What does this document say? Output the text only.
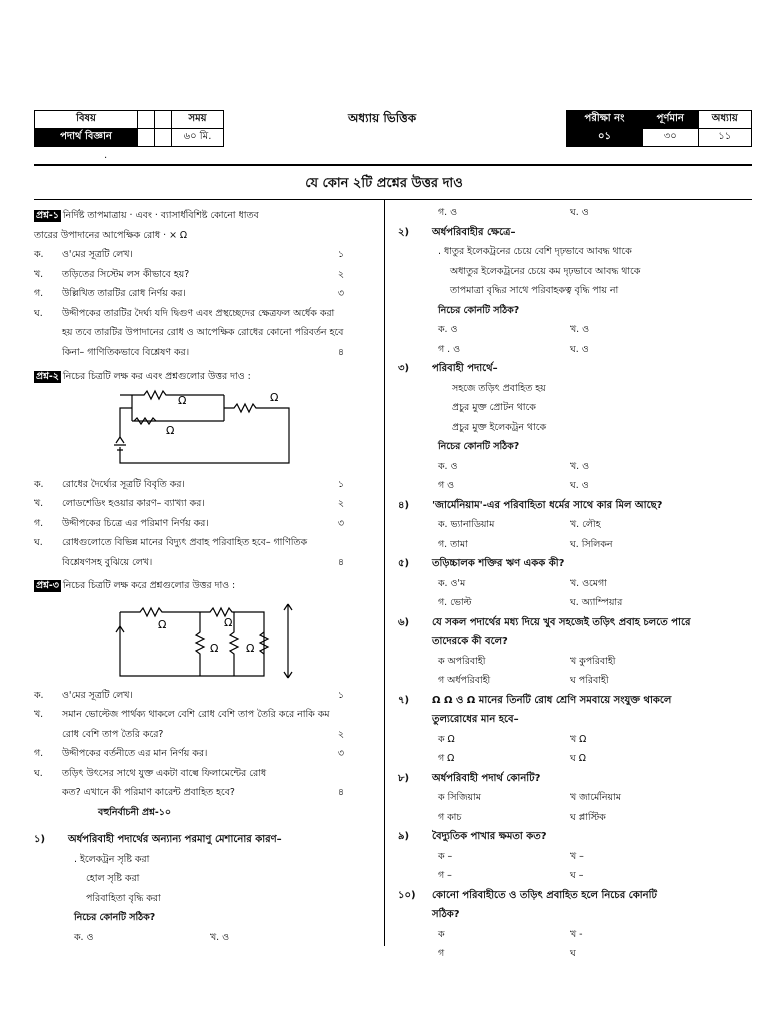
বিষয়			সময়
পদার্থ বিজ্ঞান			৬০ মি.
.
অধ্যায় ভিত্তিক	পরীক্ষা নং	পূর্ণমান	অধ্যায়
০১	৩০	১১
যে কোন ২টি প্রশ্নের উত্তর দাও
প্রশ্ন-১ নির্দিষ্ট তাপমাত্রায় · এবং · ব্যাসার্ধবিশিষ্ট কোনো ধাতব
তারের উপাদানের আপেক্ষিক রোধ · × Ω
ক. ও'মের সূত্রটি লেখ।	১
খ. তড়িতের সিস্টেম লস কীভাবে হয়?	২
গ. উল্লিখিত তারটির রোধ নির্ণয় কর।	৩
ঘ. উদ্দীপকের তারটির দৈর্ঘ্য যদি দ্বিগুণ এবং প্রস্থচ্ছেদের ক্ষেত্রফল অর্ধেক করা
হয় তবে তারটির উপাদানের রোধ ও আপেক্ষিক রোধের কোনো পরিবর্তন হবে
কিনা– গাণিতিকভাবে বিশ্লেষণ কর।	৪
প্রশ্ন-২ নিচের চিত্রটি লক্ষ কর এবং প্রশ্নগুলোর উত্তর দাও :
Ω	Ω
Ω
ক. রোধের দৈর্ঘ্যের সূত্রটি বিবৃতি কর।	১
খ. লোডশেডিং হওয়ার কারণ– ব্যাখ্যা কর।	২
গ. উদ্দীপকের চিত্রে এর পরিমাণ নির্ণয় কর।	৩
ঘ. রোধগুলোতে বিভিন্ন মানের বিদ্যুৎ প্রবাহ পরিবাহিত হবে– গাণিতিক
বিশ্লেষণসহ বুঝিয়ে লেখ।	৪
প্রশ্ন-৩ নিচের চিত্রটি লক্ষ করে প্রশ্নগুলোর উত্তর দাও :
Ω	Ω
Ω	Ω
ক. ও'মের সূত্রটি লেখ।	১
খ. সমান ভোল্টেজ পার্থক্য থাকলে বেশি রোধ বেশি তাপ তৈরি করে নাকি কম
রোধ বেশি তাপ তৈরি করে?	২
গ. উদ্দীপকের বর্তনীতে এর মান নির্ণয় কর।	৩
ঘ. তড়িৎ উৎসের সাথে যুক্ত একটা বাল্বে ফিলামেন্টের রোধ
কত? এখানে কী পরিমাণ কারেন্ট প্রবাহিত হবে?	৪
বহুনির্বাচনী প্রশ্ন-১০
১) অর্ধপরিবাহী পদার্থের অন্যান্য পরমাণু মেশানোর কারণ–
. ইলেকট্রন সৃষ্টি করা
হোল সৃষ্টি করা
পরিবাহিতা বৃদ্ধি করা
নিচের কোনটি সঠিক?
ক. ও	খ. ও
গ. ও	ঘ. ও
২) অর্ধপরিবাহীর ক্ষেত্রে–
. ধাতুর ইলেকট্রনের চেয়ে বেশি দৃঢ়ভাবে আবদ্ধ থাকে
অধাতুর ইলেকট্রনের চেয়ে কম দৃঢ়ভাবে আবদ্ধ থাকে
তাপমাত্রা বৃদ্ধির সাথে পরিবাহকত্ব বৃদ্ধি পায় না
নিচের কোনটি সঠিক?
ক. ও	খ. ও
গ . ও	ঘ. ও
৩) পরিবাহী পদার্থে–
সহজে তড়িৎ প্রবাহিত হয়
প্রচুর মুক্ত প্রোটন থাকে
প্রচুর মুক্ত ইলেকট্রন থাকে
নিচের কোনটি সঠিক?
ক. ও	খ. ও
গ ও	ঘ. ও
৪) 'জার্মেনিয়াম'-এর পরিবাহিতা ধর্মের সাথে কার মিল আছে?
ক. ভ্যানাডিয়াম	খ. লৌহ
গ. তামা	ঘ. সিলিকন
৫) তড়িচ্চালক শক্তির ঋণ একক কী?
ক. ও'ম	খ. ওমেগা
গ. ভোল্ট	ঘ. অ্যাম্পিয়ার
৬) যে সকল পদার্থের মধ্য দিয়ে খুব সহজেই তড়িৎ প্রবাহ চলতে পারে
তাদেরকে কী বলে?
ক অপরিবাহী	খ কুপরিবাহী
গ অর্ধপরিবাহী	ঘ পরিবাহী
৭) Ω Ω ও Ω মানের তিনটি রোধ শ্রেণি সমবায়ে সংযুক্ত থাকলে
তুল্যরোধের মান হবে–
ক Ω	খ Ω
গ Ω	ঘ Ω
৮) অর্ধপরিবাহী পদার্থ কোনটি?
ক সিজিয়াম	খ জার্মেনিয়াম
গ কাচ	ঘ প্লাস্টিক
৯) বৈদ্যুতিক পাখার ক্ষমতা কত?
ক –	খ –
গ –	ঘ –
১০) কোনো পরিবাহীতে ও তড়িৎ প্রবাহিত হলে নিচের কোনটি
সঠিক?
ক	খ -
গ	ঘ
